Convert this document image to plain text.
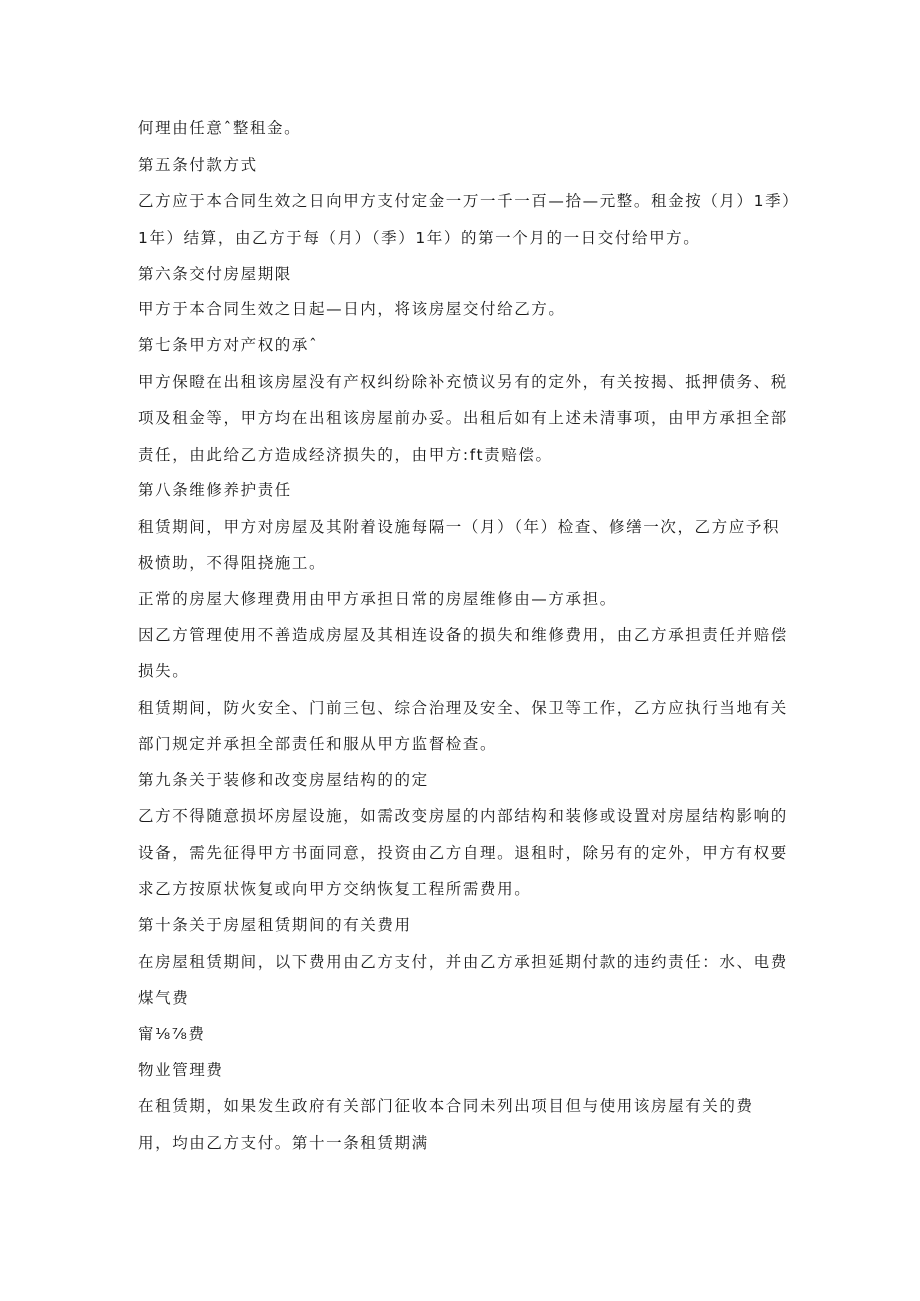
何理由任意ˆ整租金。
第五条付款方式
乙方应于本合同生效之日向甲方支付定金一万一千一百—拾—元整。租金按（月）1季）
1年）结算，由乙方于每（月）（季）1年）的第一个月的一日交付给甲方。
第六条交付房屋期限
甲方于本合同生效之日起—日内，将该房屋交付给乙方。
第七条甲方对产权的承ˆ
甲方保瞪在出租该房屋没有产权纠纷除补充愤议另有的定外，有关按揭、抵押债务、税
项及租金等，甲方均在出租该房屋前办妥。出租后如有上述未清事项，由甲方承担全部
责任，由此给乙方造成经济损失的，由甲方:ft责赔偿。
第八条维修养护责任
租赁期间，甲方对房屋及其附着设施每隔一（月）（年）检查、修缮一次，乙方应予积
极愤助，不得阻挠施工。
正常的房屋大修理费用由甲方承担日常的房屋维修由—方承担。
因乙方管理使用不善造成房屋及其相连设备的损失和维修费用，由乙方承担责任并赔偿
损失。
租赁期间，防火安全、门前三包、综合治理及安全、保卫等工作，乙方应执行当地有关
部门规定并承担全部责任和服从甲方监督检查。
第九条关于装修和改变房屋结构的的定
乙方不得随意损坏房屋设施，如需改变房屋的内部结构和装修或设置对房屋结构影响的
设备，需先征得甲方书面同意，投资由乙方自理。退租时，除另有的定外，甲方有权要
求乙方按原状恢复或向甲方交纳恢复工程所需费用。
第十条关于房屋租赁期间的有关费用
在房屋租赁期间，以下费用由乙方支付，并由乙方承担延期付款的违约责任：水、电费
煤气费
甯⅛⅞费
物业管理费
在租赁期，如果发生政府有关部门征收本合同未列出项目但与使用该房屋有关的费
用，均由乙方支付。第十一条租赁期满
